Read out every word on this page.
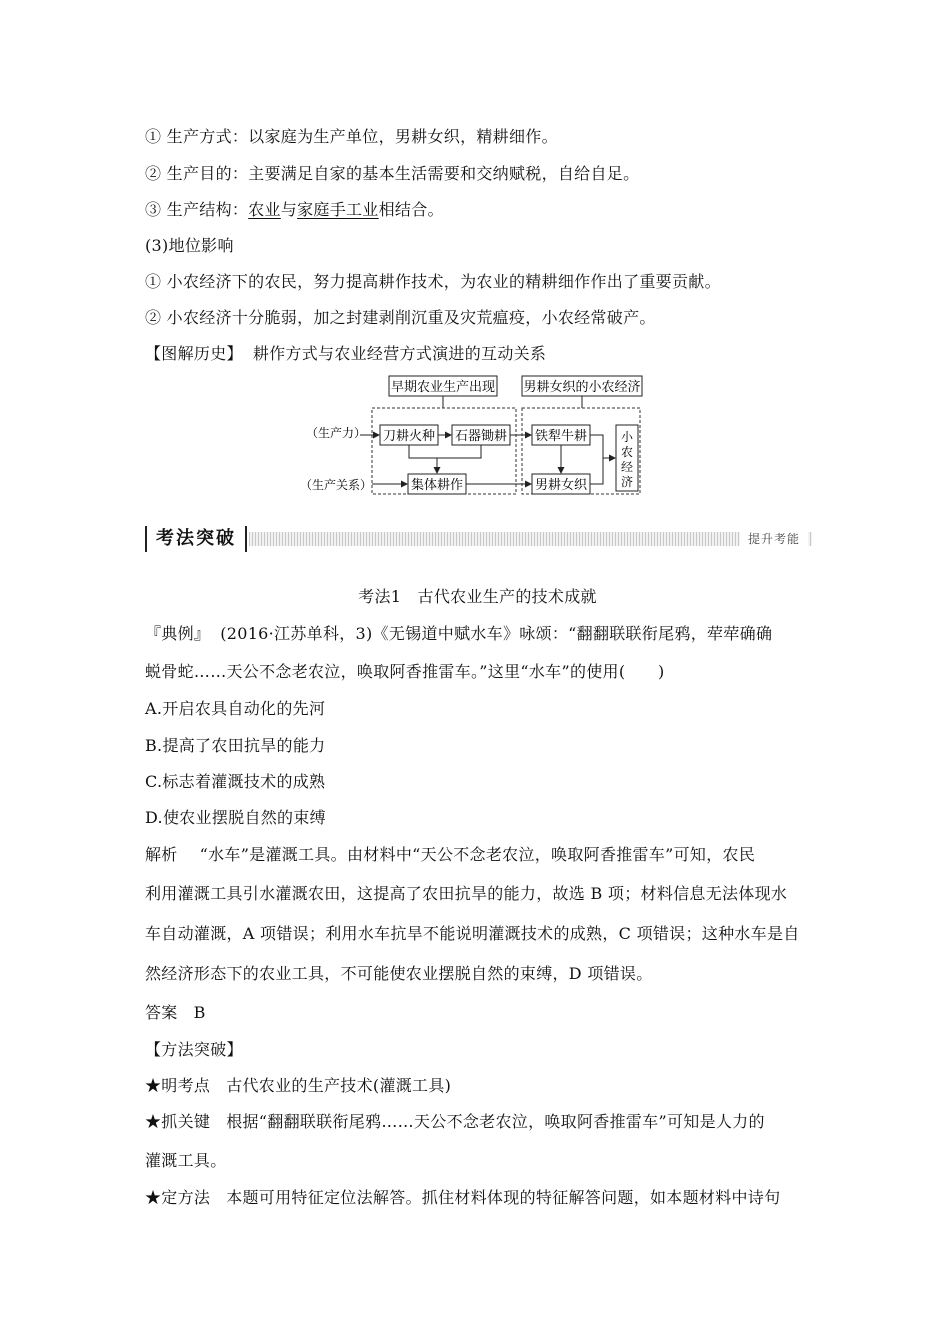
① 生产方式：以家庭为生产单位，男耕女织，精耕细作。
② 生产目的：主要满足自家的基本生活需要和交纳赋税，自给自足。
③ 生产结构：农业与家庭手工业相结合。
(3)地位影响
① 小农经济下的农民，努力提高耕作技术，为农业的精耕细作作出了重要贡献。
② 小农经济十分脆弱，加之封建剥削沉重及灾荒瘟疫，小农经常破产。
【图解历史】 耕作方式与农业经营方式演进的互动关系
早期农业生产出现 男耕女织的小农经济
（生产力）
（生产关系）
刀耕火种 石器锄耕 铁犁牛耕
集体耕作	男耕女织
小
农
经
济
考法突破	提升考能
考法1　古代农业生产的技术成就
『典例』 (2016·江苏单科，3)《无锡道中赋水车》咏颂：“翻翻联联衔尾鸦，荦荦确确
蜕骨蛇……天公不念老农泣，唤取阿香推雷车。”这里“水车”的使用(　　)
A.开启农具自动化的先河
B.提高了农田抗旱的能力
C.标志着灌溉技术的成熟
D.使农业摆脱自然的束缚
解析 “水车”是灌溉工具。由材料中“天公不念老农泣，唤取阿香推雷车”可知，农民
利用灌溉工具引水灌溉农田，这提高了农田抗旱的能力，故选 B 项；材料信息无法体现水
车自动灌溉，A 项错误；利用水车抗旱不能说明灌溉技术的成熟，C 项错误；这种水车是自
然经济形态下的农业工具，不可能使农业摆脱自然的束缚，D 项错误。
答案 B
【方法突破】
★明考点 古代农业的生产技术(灌溉工具)
★抓关键 根据“翻翻联联衔尾鸦……天公不念老农泣，唤取阿香推雷车”可知是人力的
灌溉工具。
★定方法 本题可用特征定位法解答。抓住材料体现的特征解答问题，如本题材料中诗句
